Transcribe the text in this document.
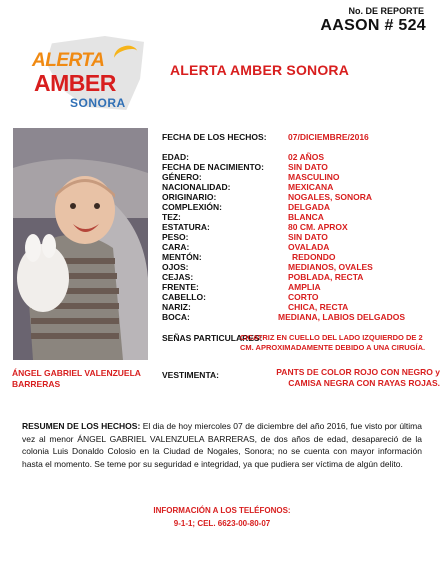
No. DE REPORTE
AASON # 524
ALERTA
AMBER
SONORA
ALERTA AMBER SONORA
ÁNGEL GABRIEL VALENZUELA BARRERAS
FECHA DE LOS HECHOS:	07/DICIEMBRE/2016
EDAD:	02 AÑOS
FECHA DE NACIMIENTO:	SIN DATO
GÉNERO:	MASCULINO
NACIONALIDAD:	MEXICANA
ORIGINARIO:	NOGALES, SONORA
COMPLEXIÓN:	DELGADA
TEZ:	BLANCA
ESTATURA:	80 CM. APROX
PESO:	SIN DATO
CARA:	OVALADA
MENTÓN:	REDONDO
OJOS:	MEDIANOS, OVALES
CEJAS:	POBLADA, RECTA
FRENTE:	AMPLIA
CABELLO:	CORTO
NARIZ:	CHICA, RECTA
BOCA:	MEDIANA, LABIOS DELGADOS
SEÑAS PARTICULARES:
CICATRIZ EN CUELLO DEL LADO IZQUIERDO DE 2 CM. APROXIMADAMENTE DEBIDO A UNA CIRUGÍA.
VESTIMENTA:	PANTS DE COLOR ROJO CON NEGRO y CAMISA NEGRA CON RAYAS ROJAS.
RESUMEN DE LOS HECHOS: El dia de hoy miercoles 07 de diciembre del año 2016, fue visto por última vez al menor ÁNGEL GABRIEL VALENZUELA BARRERAS, de dos años de edad, desapareció de la colonia Luis Donaldo Colosio en la Ciudad de Nogales, Sonora; no se cuenta con mayor información hasta el momento. Se teme por su seguridad e integridad, ya que pudiera ser víctima de algún delito.
INFORMACIÓN A LOS TELÉFONOS:
9-1-1; CEL. 6623-00-80-07
